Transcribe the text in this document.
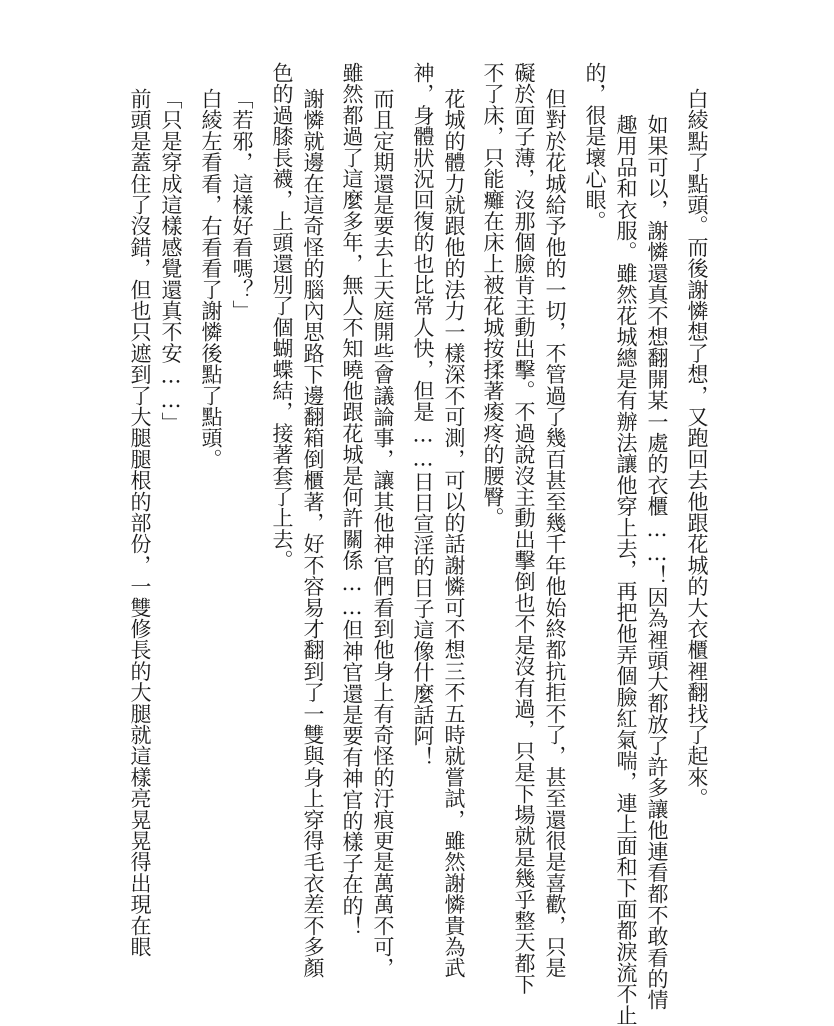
白綾點了點頭。而後謝憐想了想，又跑回去他跟花城的大衣櫃裡翻找了起來。
如果可以，謝憐還真不想翻開某一處的衣櫃……！因為裡頭大都放了許多讓他連看都不敢看的情
趣用品和衣服。雖然花城總是有辦法讓他穿上去，再把他弄個臉紅氣喘，連上面和下面都淚流不止
的，很是壞心眼。
但對於花城給予他的一切，不管過了幾百甚至幾千年他始終都抗拒不了，甚至還很是喜歡，只是
礙於面子薄，沒那個臉肯主動出擊。不過說沒主動出擊倒也不是沒有過，只是下場就是幾乎整天都下
不了床，只能癱在床上被花城按揉著痠疼的腰臀。
花城的體力就跟他的法力一樣深不可測，可以的話謝憐可不想三不五時就嘗試，雖然謝憐貴為武
神，身體狀況回復的也比常人快，但是……日日宣淫的日子這像什麼話阿！
而且定期還是要去上天庭開些會議論事，讓其他神官們看到他身上有奇怪的汙痕更是萬萬不可，
雖然都過了這麼多年，無人不知曉他跟花城是何許關係……但神官還是要有神官的樣子在的！
謝憐就邊在這奇怪的腦內思路下邊翻箱倒櫃著，好不容易才翻到了一雙與身上穿得毛衣差不多顏
色的過膝長襪，上頭還別了個蝴蝶結，接著套了上去。
「若邪，這樣好看嗎？」
白綾左看看，右看看了謝憐後點了點頭。
「只是穿成這樣感覺還真不安……」
前頭是蓋住了沒錯，但也只遮到了大腿腿根的部份，一雙修長的大腿就這樣亮晃晃得出現在眼
